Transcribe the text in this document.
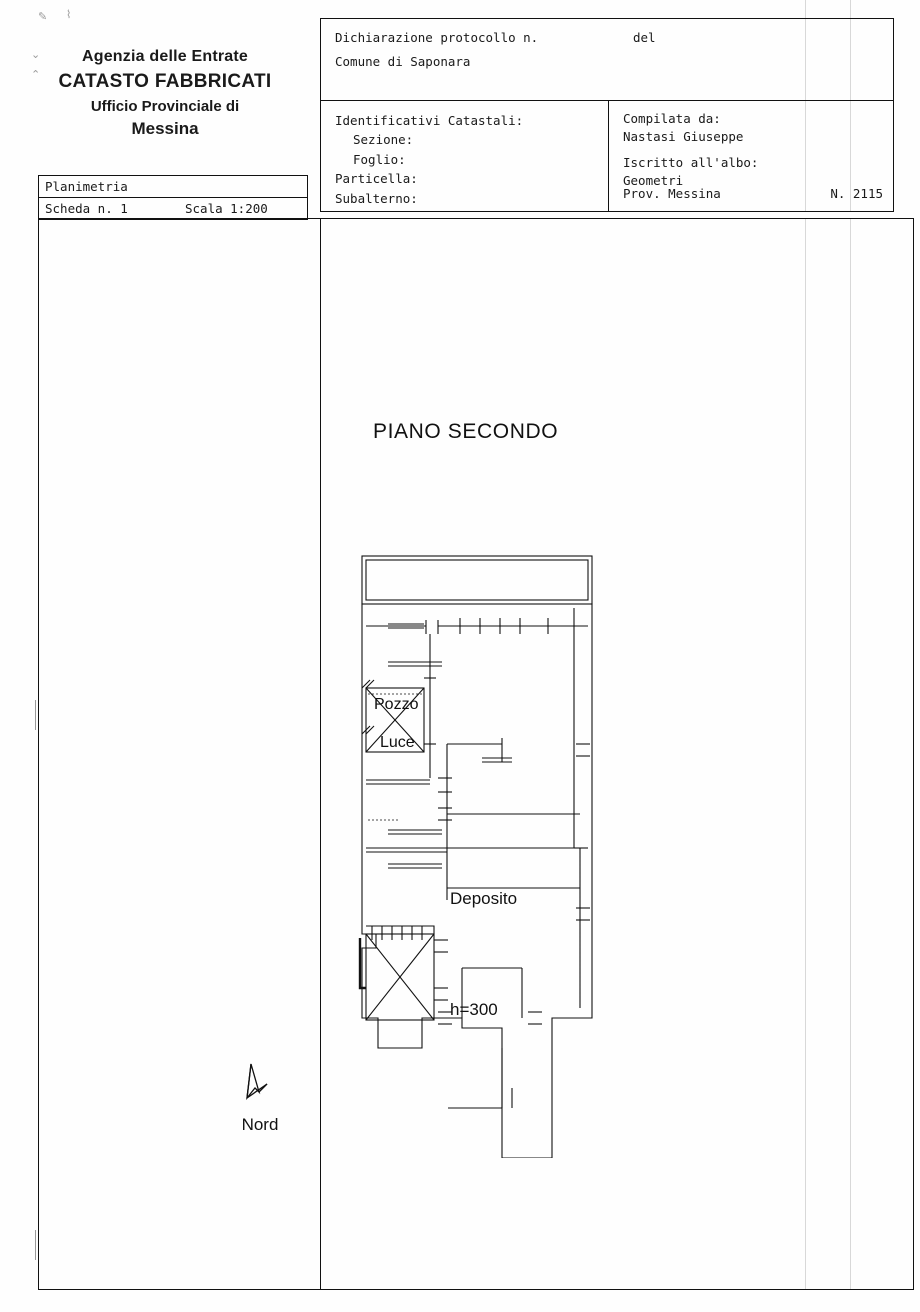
✎ ⌇
⌄
⌃
Agenzia delle Entrate
CATASTO FABBRICATI
Ufficio Provinciale di
Messina
Planimetria
Scheda n. 1	Scala 1:200
Dichiarazione protocollo n.	del
Comune di Saponara
Identificativi Catastali:
Sezione:
Foglio:
Particella:
Subalterno:
Compilata da:
Nastasi Giuseppe
Iscritto all'albo:
Geometri
Prov. Messina	N. 2115
PIANO SECONDO
Nord
Pozzo
Luce
Deposito
h=300
